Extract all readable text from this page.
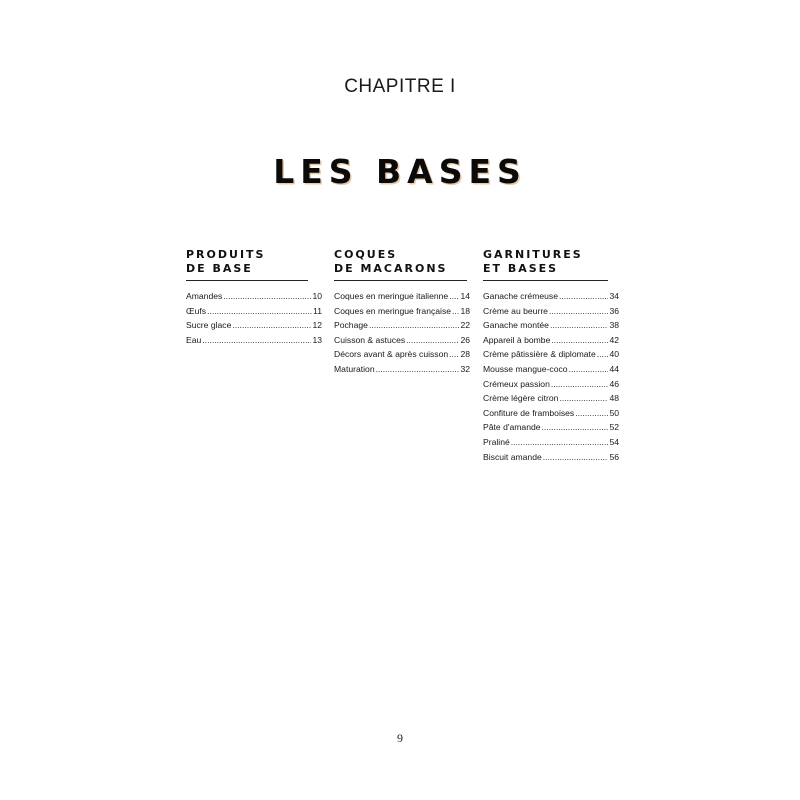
CHAPITRE I
LES BASES
PRODUITS
DE BASE
Amandes .....	10
Œufs .....	11
Sucre glace .....	12
Eau .....	13
COQUES
DE MACARONS
Coques en meringue italienne ..... 14
Coques en meringue française ..... 18
Pochage .....	22
Cuisson & astuces .....	26
Décors avant & après cuisson ..... 28
Maturation .....	32
GARNITURES
ET BASES
Ganache crémeuse .....	34
Crème au beurre .....	36
Ganache montée .....	38
Appareil à bombe .....	42
Crème pâtissière & diplomate ..... 40
Mousse mangue-coco .....	44
Crémeux passion .....	46
Crème légère citron .....	48
Confiture de framboises .....	50
Pâte d'amande .....	52
Praliné .....	54
Biscuit amande .....	56
9
